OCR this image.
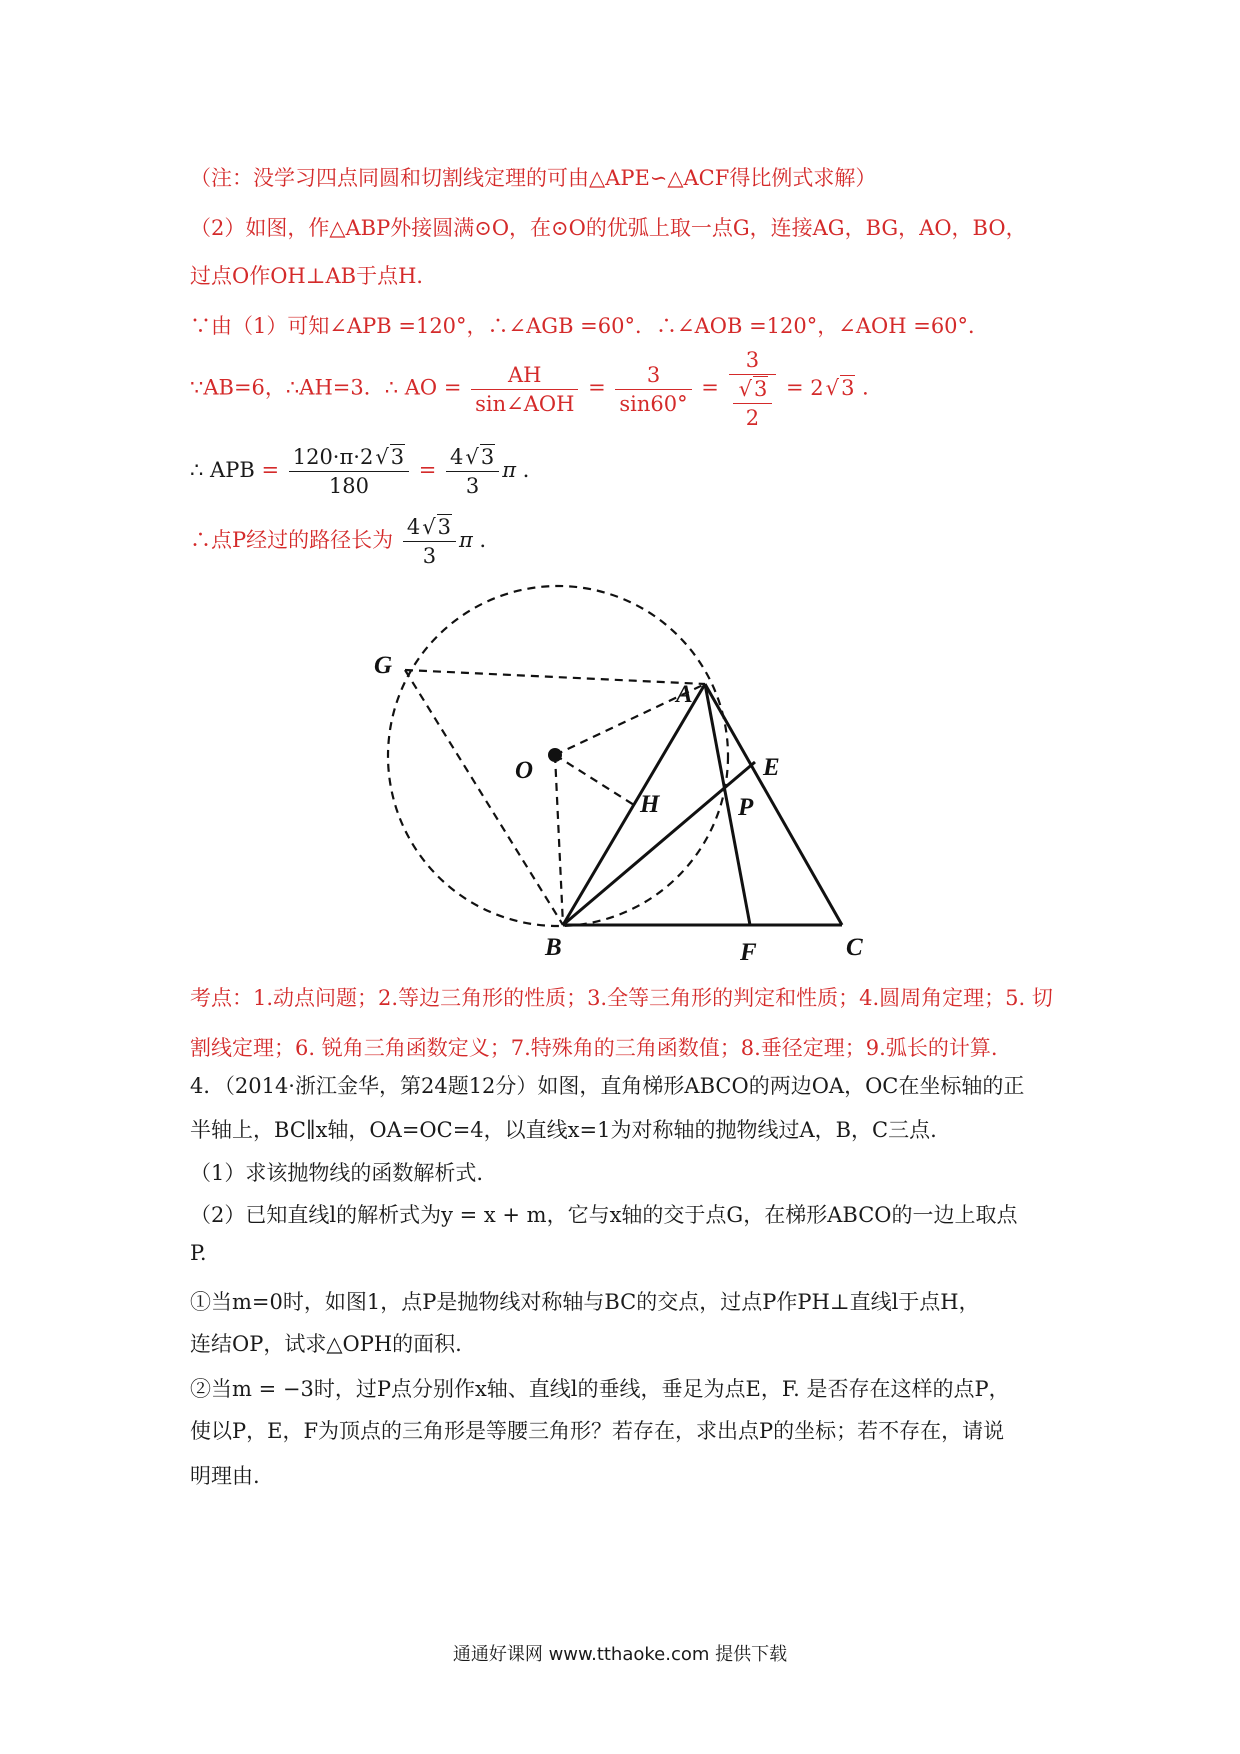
（注：没学习四点同圆和切割线定理的可由△APE∽△ACF得比例式求解）
（2）如图，作△ABP外接圆满⊙O，在⊙O的优弧上取一点G，连接AG，BG，AO，BO，
过点O作OH⊥AB于点H．
∵由（1）可知∠APB =120°，∴∠AGB =60°．∴∠AOB =120°，∠AOH =60°．
∵AB=6，∴AH=3．∴ AO = $\frac{AH}{\text{sin∠AOH}} = \frac{3}{\sin 60^\circ} = \frac{3}{\frac{√3}{2}} = 2√3$ ．
∴ APB = $\frac{120\cdot\pi\cdot 2√3}{180} = \frac{4√3}{3}$ π ．
∴点P经过的路径长为 $\frac{4√3}{3}$ π ．
G
A
O
H	P
E
B	F	C
考点：1.动点问题；2.等边三角形的性质；3.全等三角形的判定和性质；4.圆周角定理；5. 切
割线定理；6. 锐角三角函数定义；7.特殊角的三角函数值；8.垂径定理；9.弧长的计算.
4．（2014·浙江金华，第24题12分）如图，直角梯形ABCO的两边OA，OC在坐标轴的正
半轴上，BC∥x轴，OA=OC=4，以直线x=1为对称轴的抛物线过A，B，C三点.
（1）求该抛物线的函数解析式.
（2）已知直线l的解析式为y = x + m，它与x轴的交于点G，在梯形ABCO的一边上取点
P.
①当m=0时，如图1，点P是抛物线对称轴与BC的交点，过点P作PH⊥直线l于点H，
连结OP，试求△OPH的面积.
②当m = −3时，过P点分别作x轴、直线l的垂线，垂足为点E，F. 是否存在这样的点P，
使以P，E，F为顶点的三角形是等腰三角形？若存在，求出点P的坐标；若不存在，请说
明理由.
通通好课网 www.tthaoke.com 提供下载
